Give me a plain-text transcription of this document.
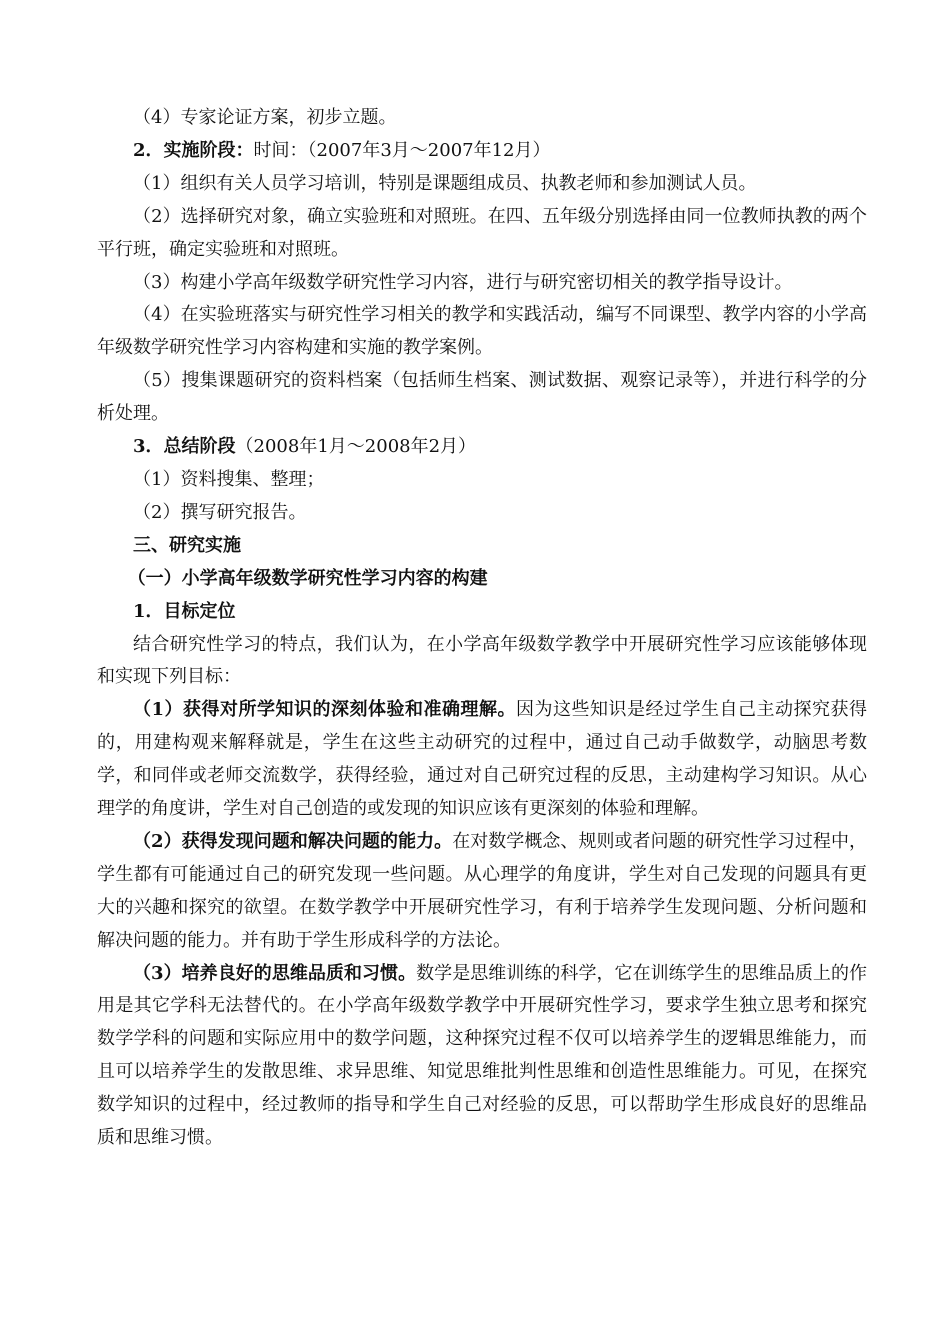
（4）专家论证方案，初步立题。

2．实施阶段：时间：（2007年3月～2007年12月）

（1）组织有关人员学习培训，特别是课题组成员、执教老师和参加测试人员。

（2）选择研究对象，确立实验班和对照班。在四、五年级分别选择由同一位教师执教的两个平行班，确定实验班和对照班。

（3）构建小学高年级数学研究性学习内容，进行与研究密切相关的教学指导设计。

（4）在实验班落实与研究性学习相关的教学和实践活动，编写不同课型、教学内容的小学高年级数学研究性学习内容构建和实施的教学案例。

（5）搜集课题研究的资料档案（包括师生档案、测试数据、观察记录等），并进行科学的分析处理。

3．总结阶段（2008年1月～2008年2月）

（1）资料搜集、整理；

（2）撰写研究报告。

三、研究实施

（一）小学高年级数学研究性学习内容的构建

1．目标定位

结合研究性学习的特点，我们认为，在小学高年级数学教学中开展研究性学习应该能够体现和实现下列目标：

（1）获得对所学知识的深刻体验和准确理解。因为这些知识是经过学生自己主动探究获得的，用建构观来解释就是，学生在这些主动研究的过程中，通过自己动手做数学，动脑思考数学，和同伴或老师交流数学，获得经验，通过对自己研究过程的反思，主动建构学习知识。从心理学的角度讲，学生对自己创造的或发现的知识应该有更深刻的体验和理解。

（2）获得发现问题和解决问题的能力。在对数学概念、规则或者问题的研究性学习过程中，学生都有可能通过自己的研究发现一些问题。从心理学的角度讲，学生对自己发现的问题具有更大的兴趣和探究的欲望。在数学教学中开展研究性学习，有利于培养学生发现问题、分析问题和解决问题的能力。并有助于学生形成科学的方法论。

（3）培养良好的思维品质和习惯。数学是思维训练的科学，它在训练学生的思维品质上的作用是其它学科无法替代的。在小学高年级数学教学中开展研究性学习，要求学生独立思考和探究数学学科的问题和实际应用中的数学问题，这种探究过程不仅可以培养学生的逻辑思维能力，而且可以培养学生的发散思维、求异思维、知觉思维批判性思维和创造性思维能力。可见，在探究数学知识的过程中，经过教师的指导和学生自己对经验的反思，可以帮助学生形成良好的思维品质和思维习惯。
